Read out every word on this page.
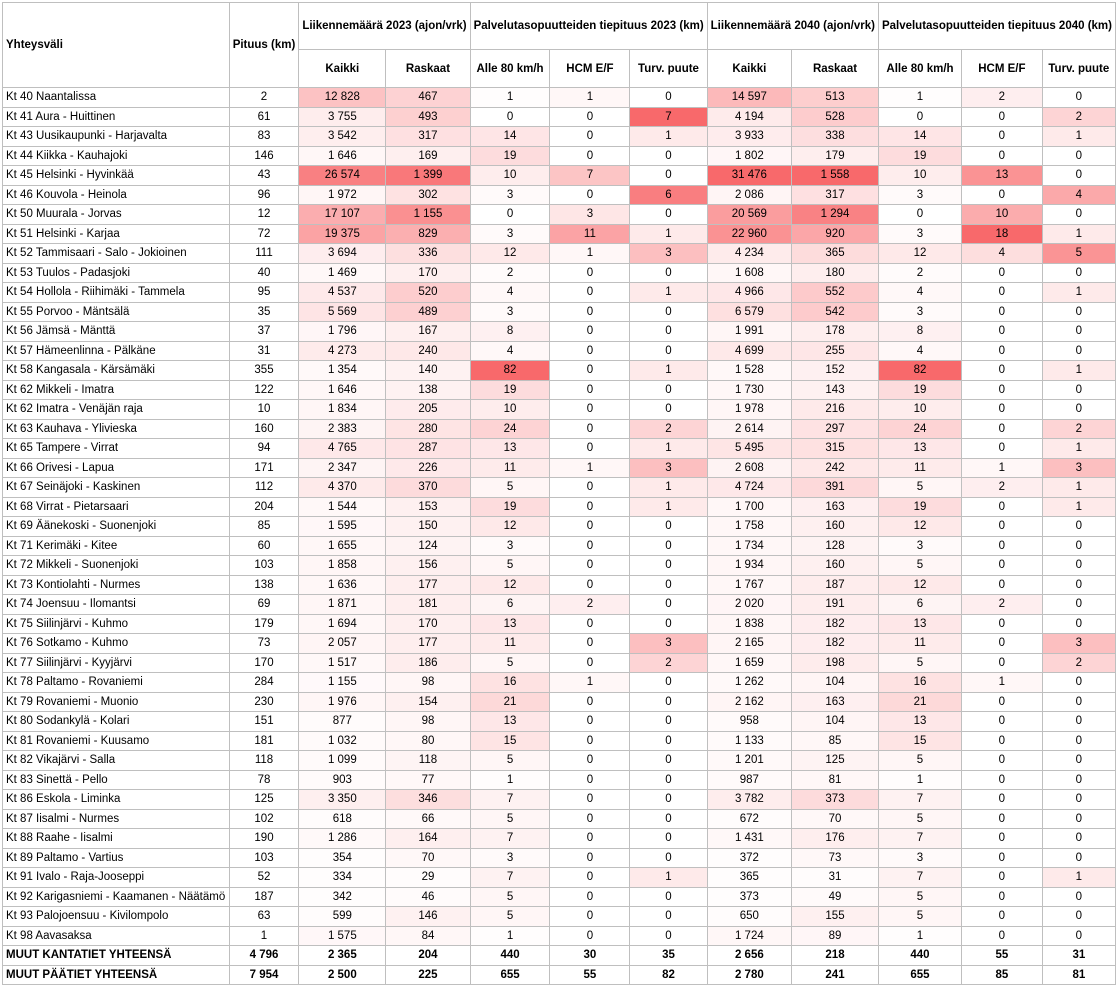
Yhteysväli	Pituus (km)	Liikennemäärä 2023 (ajon/vrk)		Palvelutasopuutteiden tiepituus 2023 (km)			Liikennemäärä 2040 (ajon/vrk)		Palvelutasopuutteiden tiepituus 2040 (km)		
		Kaikki	Raskaat	Alle 80 km/h	HCM E/F	Turv. puute	Kaikki	Raskaat	Alle 80 km/h	HCM E/F	Turv. puute
Kt 40 Naantalissa	2	12 828	467	1	1	0	14 597	513	1	2	0
Kt 41 Aura - Huittinen	61	3 755	493	0	0	7	4 194	528	0	0	2
Kt 43 Uusikaupunki - Harjavalta	83	3 542	317	14	0	1	3 933	338	14	0	1
Kt 44 Kiikka - Kauhajoki	146	1 646	169	19	0	0	1 802	179	19	0	0
Kt 45 Helsinki - Hyvinkää	43	26 574	1 399	10	7	0	31 476	1 558	10	13	0
Kt 46 Kouvola - Heinola	96	1 972	302	3	0	6	2 086	317	3	0	4
Kt 50 Muurala - Jorvas	12	17 107	1 155	0	3	0	20 569	1 294	0	10	0
Kt 51 Helsinki - Karjaa	72	19 375	829	3	11	1	22 960	920	3	18	1
Kt 52 Tammisaari - Salo - Jokioinen	111	3 694	336	12	1	3	4 234	365	12	4	5
Kt 53 Tuulos - Padasjoki	40	1 469	170	2	0	0	1 608	180	2	0	0
Kt 54 Hollola - Riihimäki - Tammela	95	4 537	520	4	0	1	4 966	552	4	0	1
Kt 55 Porvoo - Mäntsälä	35	5 569	489	3	0	0	6 579	542	3	0	0
Kt 56 Jämsä - Mänttä	37	1 796	167	8	0	0	1 991	178	8	0	0
Kt 57 Hämeenlinna - Pälkäne	31	4 273	240	4	0	0	4 699	255	4	0	0
Kt 58 Kangasala - Kärsämäki	355	1 354	140	82	0	1	1 528	152	82	0	1
Kt 62 Mikkeli - Imatra	122	1 646	138	19	0	0	1 730	143	19	0	0
Kt 62 Imatra - Venäjän raja	10	1 834	205	10	0	0	1 978	216	10	0	0
Kt 63 Kauhava - Ylivieska	160	2 383	280	24	0	2	2 614	297	24	0	2
Kt 65 Tampere - Virrat	94	4 765	287	13	0	1	5 495	315	13	0	1
Kt 66 Orivesi - Lapua	171	2 347	226	11	1	3	2 608	242	11	1	3
Kt 67 Seinäjoki - Kaskinen	112	4 370	370	5	0	1	4 724	391	5	2	1
Kt 68 Virrat - Pietarsaari	204	1 544	153	19	0	1	1 700	163	19	0	1
Kt 69 Äänekoski - Suonenjoki	85	1 595	150	12	0	0	1 758	160	12	0	0
Kt 71 Kerimäki - Kitee	60	1 655	124	3	0	0	1 734	128	3	0	0
Kt 72 Mikkeli - Suonenjoki	103	1 858	156	5	0	0	1 934	160	5	0	0
Kt 73 Kontiolahti - Nurmes	138	1 636	177	12	0	0	1 767	187	12	0	0
Kt 74 Joensuu - Ilomantsi	69	1 871	181	6	2	0	2 020	191	6	2	0
Kt 75 Siilinjärvi - Kuhmo	179	1 694	170	13	0	0	1 838	182	13	0	0
Kt 76 Sotkamo - Kuhmo	73	2 057	177	11	0	3	2 165	182	11	0	3
Kt 77 Siilinjärvi - Kyyjärvi	170	1 517	186	5	0	2	1 659	198	5	0	2
Kt 78 Paltamo - Rovaniemi	284	1 155	98	16	1	0	1 262	104	16	1	0
Kt 79 Rovaniemi - Muonio	230	1 976	154	21	0	0	2 162	163	21	0	0
Kt 80 Sodankylä - Kolari	151	877	98	13	0	0	958	104	13	0	0
Kt 81 Rovaniemi - Kuusamo	181	1 032	80	15	0	0	1 133	85	15	0	0
Kt 82 Vikajärvi - Salla	118	1 099	118	5	0	0	1 201	125	5	0	0
Kt 83 Sinettä - Pello	78	903	77	1	0	0	987	81	1	0	0
Kt 86 Eskola - Liminka	125	3 350	346	7	0	0	3 782	373	7	0	0
Kt 87 Iisalmi - Nurmes	102	618	66	5	0	0	672	70	5	0	0
Kt 88 Raahe - Iisalmi	190	1 286	164	7	0	0	1 431	176	7	0	0
Kt 89 Paltamo - Vartius	103	354	70	3	0	0	372	73	3	0	0
Kt 91 Ivalo - Raja-Jooseppi	52	334	29	7	0	1	365	31	7	0	1
Kt 92 Karigasniemi - Kaamanen - Näätämö	187	342	46	5	0	0	373	49	5	0	0
Kt 93 Palojoensuu - Kivilompolo	63	599	146	5	0	0	650	155	5	0	0
Kt 98 Aavasaksa	1	1 575	84	1	0	0	1 724	89	1	0	0
MUUT KANTATIET YHTEENSÄ	4 796	2 365	204	440	30	35	2 656	218	440	55	31
MUUT PÄÄTIET YHTEENSÄ	7 954	2 500	225	655	55	82	2 780	241	655	85	81
